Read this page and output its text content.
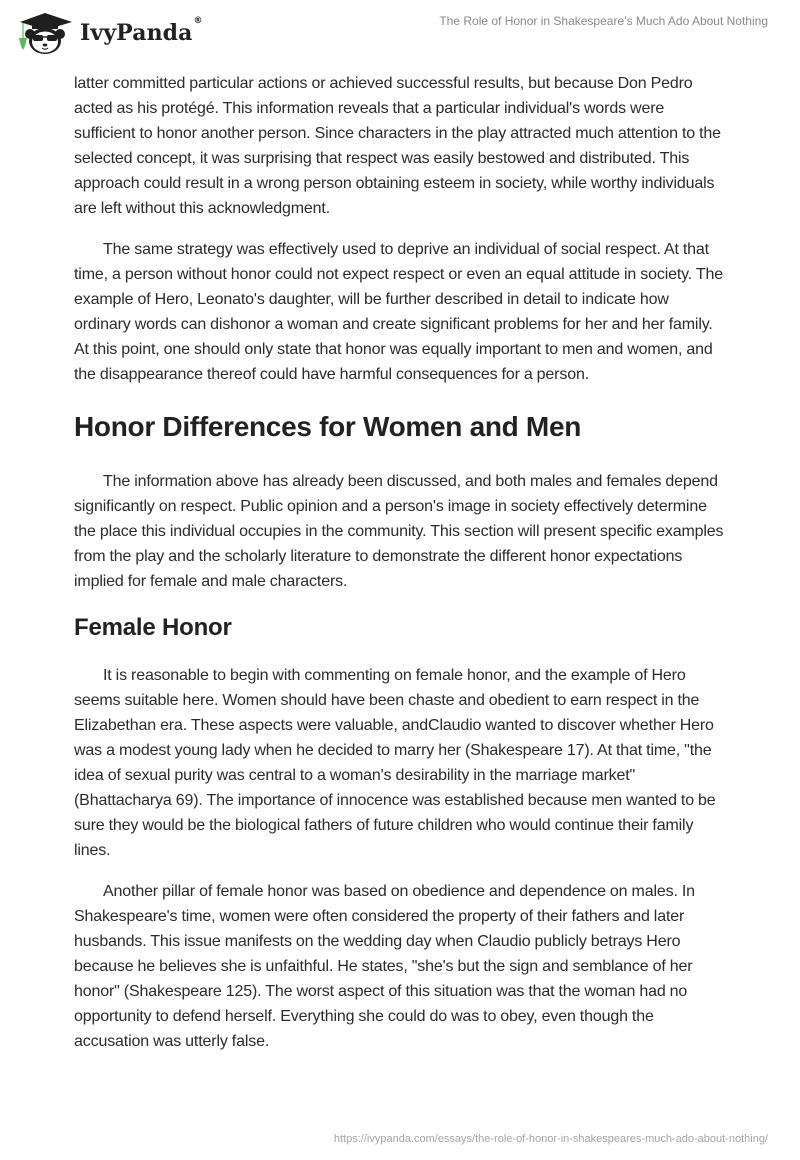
IvyPanda ®	The Role of Honor in Shakespeare’s Much Ado About Nothing

latter committed particular actions or achieved successful results, but because Don Pedro acted as his protégé. This information reveals that a particular individual's words were sufficient to honor another person. Since characters in the play attracted much attention to the selected concept, it was surprising that respect was easily bestowed and distributed. This approach could result in a wrong person obtaining esteem in society, while worthy individuals are left without this acknowledgment.

The same strategy was effectively used to deprive an individual of social respect. At that time, a person without honor could not expect respect or even an equal attitude in society. The example of Hero, Leonato's daughter, will be further described in detail to indicate how ordinary words can dishonor a woman and create significant problems for her and her family. At this point, one should only state that honor was equally important to men and women, and the disappearance thereof could have harmful consequences for a person.

Honor Differences for Women and Men

The information above has already been discussed, and both males and females depend significantly on respect. Public opinion and a person's image in society effectively determine the place this individual occupies in the community. This section will present specific examples from the play and the scholarly literature to demonstrate the different honor expectations implied for female and male characters.

Female Honor

It is reasonable to begin with commenting on female honor, and the example of Hero seems suitable here. Women should have been chaste and obedient to earn respect in the Elizabethan era. These aspects were valuable, andClaudio wanted to discover whether Hero was a modest young lady when he decided to marry her (Shakespeare 17). At that time, "the idea of sexual purity was central to a woman's desirability in the marriage market" (Bhattacharya 69). The importance of innocence was established because men wanted to be sure they would be the biological fathers of future children who would continue their family lines.

Another pillar of female honor was based on obedience and dependence on males. In Shakespeare's time, women were often considered the property of their fathers and later husbands. This issue manifests on the wedding day when Claudio publicly betrays Hero because he believes she is unfaithful. He states, "she's but the sign and semblance of her honor" (Shakespeare 125). The worst aspect of this situation was that the woman had no opportunity to defend herself. Everything she could do was to obey, even though the accusation was utterly false.

https://ivypanda.com/essays/the-role-of-honor-in-shakespeares-much-ado-about-nothing/
